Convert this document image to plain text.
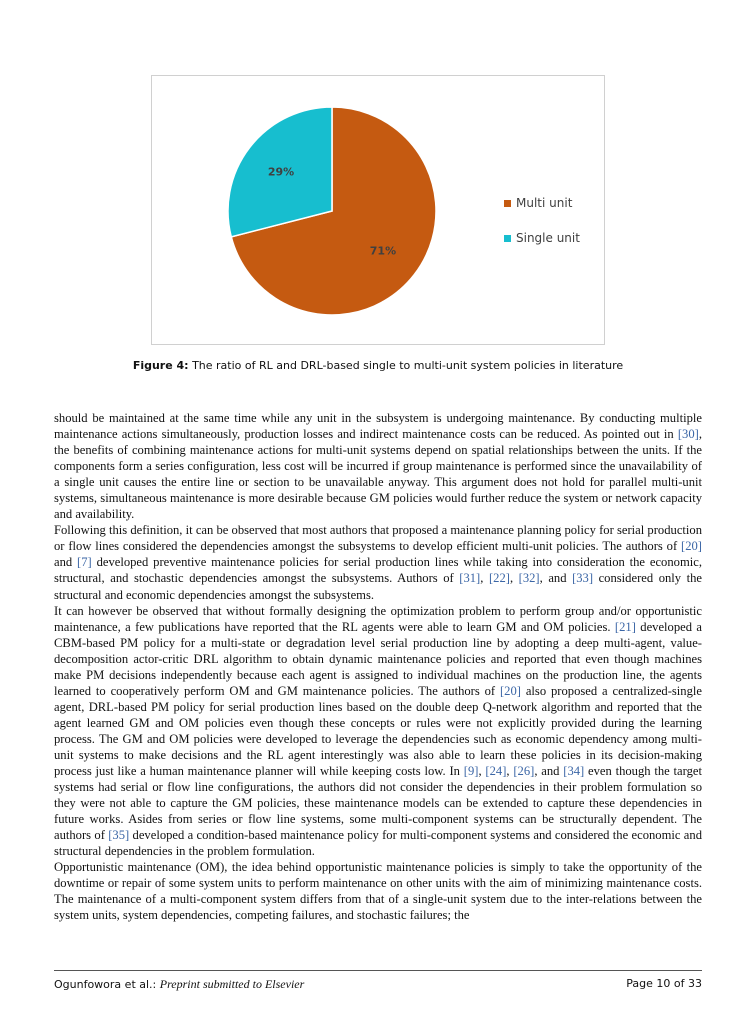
71%
29%
Multi unit
Single unit
Figure 4: The ratio of RL and DRL-based single to multi-unit system policies in literature

should be maintained at the same time while any unit in the subsystem is undergoing maintenance. By conducting multiple maintenance actions simultaneously, production losses and indirect maintenance costs can be reduced. As pointed out in [30], the benefits of combining maintenance actions for multi-unit systems depend on spatial relationships between the units. If the components form a series configuration, less cost will be incurred if group maintenance is performed since the unavailability of a single unit causes the entire line or section to be unavailable anyway. This argument does not hold for parallel multi-unit systems, simultaneous maintenance is more desirable because GM policies would further reduce the system or network capacity and availability.

Following this definition, it can be observed that most authors that proposed a maintenance planning policy for serial production or flow lines considered the dependencies amongst the subsystems to develop efficient multi-unit policies. The authors of [20] and [7] developed preventive maintenance policies for serial production lines while taking into consideration the economic, structural, and stochastic dependencies amongst the subsystems. Authors of [31], [22], [32], and [33] considered only the structural and economic dependencies amongst the subsystems.

It can however be observed that without formally designing the optimization problem to perform group and/or opportunistic maintenance, a few publications have reported that the RL agents were able to learn GM and OM policies. [21] developed a CBM-based PM policy for a multi-state or degradation level serial production line by adopting a deep multi-agent, value-decomposition actor-critic DRL algorithm to obtain dynamic maintenance policies and reported that even though machines make PM decisions independently because each agent is assigned to individual machines on the production line, the agents learned to cooperatively perform OM and GM maintenance policies. The authors of [20] also proposed a centralized-single agent, DRL-based PM policy for serial production lines based on the double deep Q-network algorithm and reported that the agent learned GM and OM policies even though these concepts or rules were not explicitly provided during the learning process. The GM and OM policies were developed to leverage the dependencies such as economic dependency among multi-unit systems to make decisions and the RL agent interestingly was also able to learn these policies in its decision-making process just like a human maintenance planner will while keeping costs low. In [9], [24], [26], and [34] even though the target systems had serial or flow line configurations, the authors did not consider the dependencies in their problem formulation so they were not able to capture the GM policies, these maintenance models can be extended to capture these dependencies in future works. Asides from series or flow line systems, some multi-component systems can be structurally dependent. The authors of [35] developed a condition-based maintenance policy for multi-component systems and considered the economic and structural dependencies in the problem formulation.

Opportunistic maintenance (OM), the idea behind opportunistic maintenance policies is simply to take the opportunity of the downtime or repair of some system units to perform maintenance on other units with the aim of minimizing maintenance costs. The maintenance of a multi-component system differs from that of a single-unit system due to the inter-relations between the system units, system dependencies, competing failures, and stochastic failures; the

Ogunfowora et al.: Preprint submitted to Elsevier	Page 10 of 33
